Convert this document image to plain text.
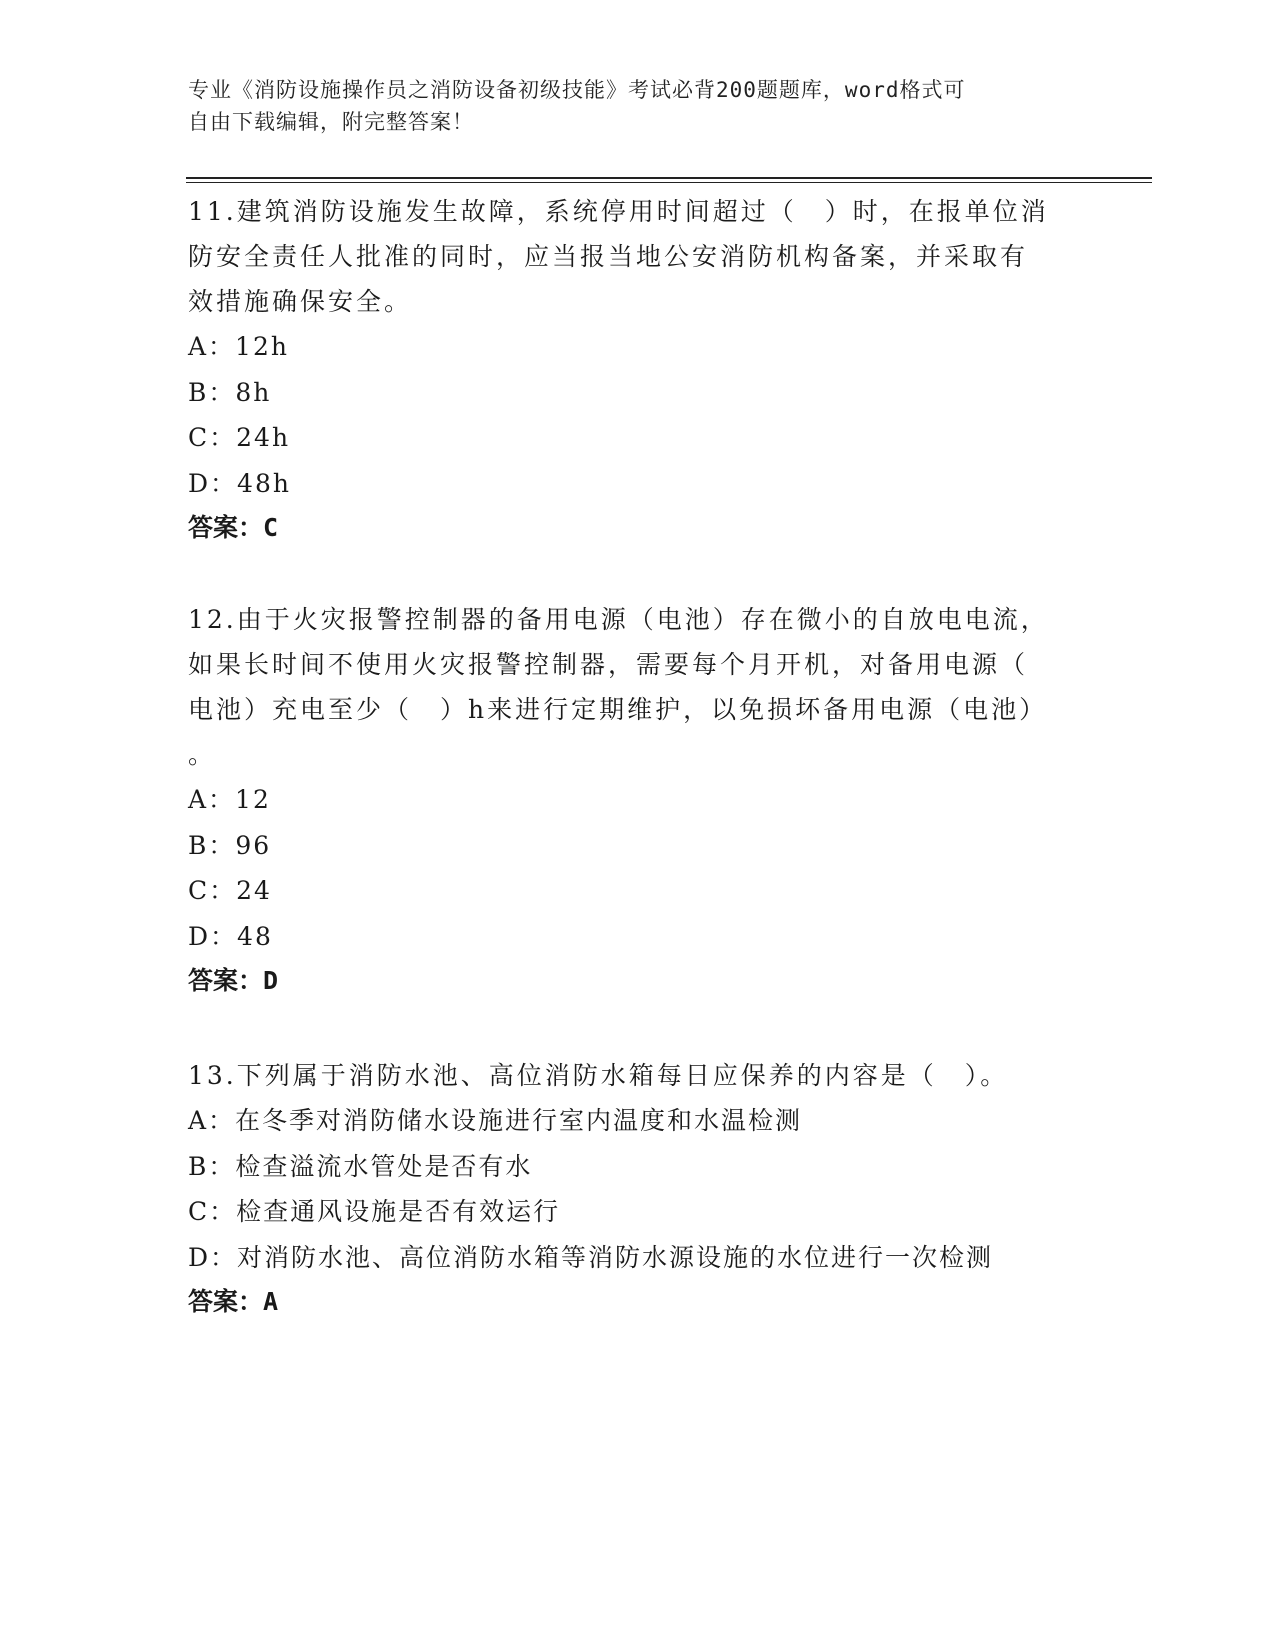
专业《消防设施操作员之消防设备初级技能》考试必背200题题库，word格式可
自由下载编辑，附完整答案！
11.建筑消防设施发生故障，系统停用时间超过（　）时，在报单位消
防安全责任人批准的同时，应当报当地公安消防机构备案，并采取有
效措施确保安全。
A：12h
B：8h
C：24h
D：48h
答案：C
12.由于火灾报警控制器的备用电源（电池）存在微小的自放电电流，
如果长时间不使用火灾报警控制器，需要每个月开机，对备用电源（
电池）充电至少（　）h来进行定期维护，以免损坏备用电源（电池）
。
A：12
B：96
C：24
D：48
答案：D
13.下列属于消防水池、高位消防水箱每日应保养的内容是（　）。
A：在冬季对消防储水设施进行室内温度和水温检测
B：检查溢流水管处是否有水
C：检查通风设施是否有效运行
D：对消防水池、高位消防水箱等消防水源设施的水位进行一次检测
答案：A
